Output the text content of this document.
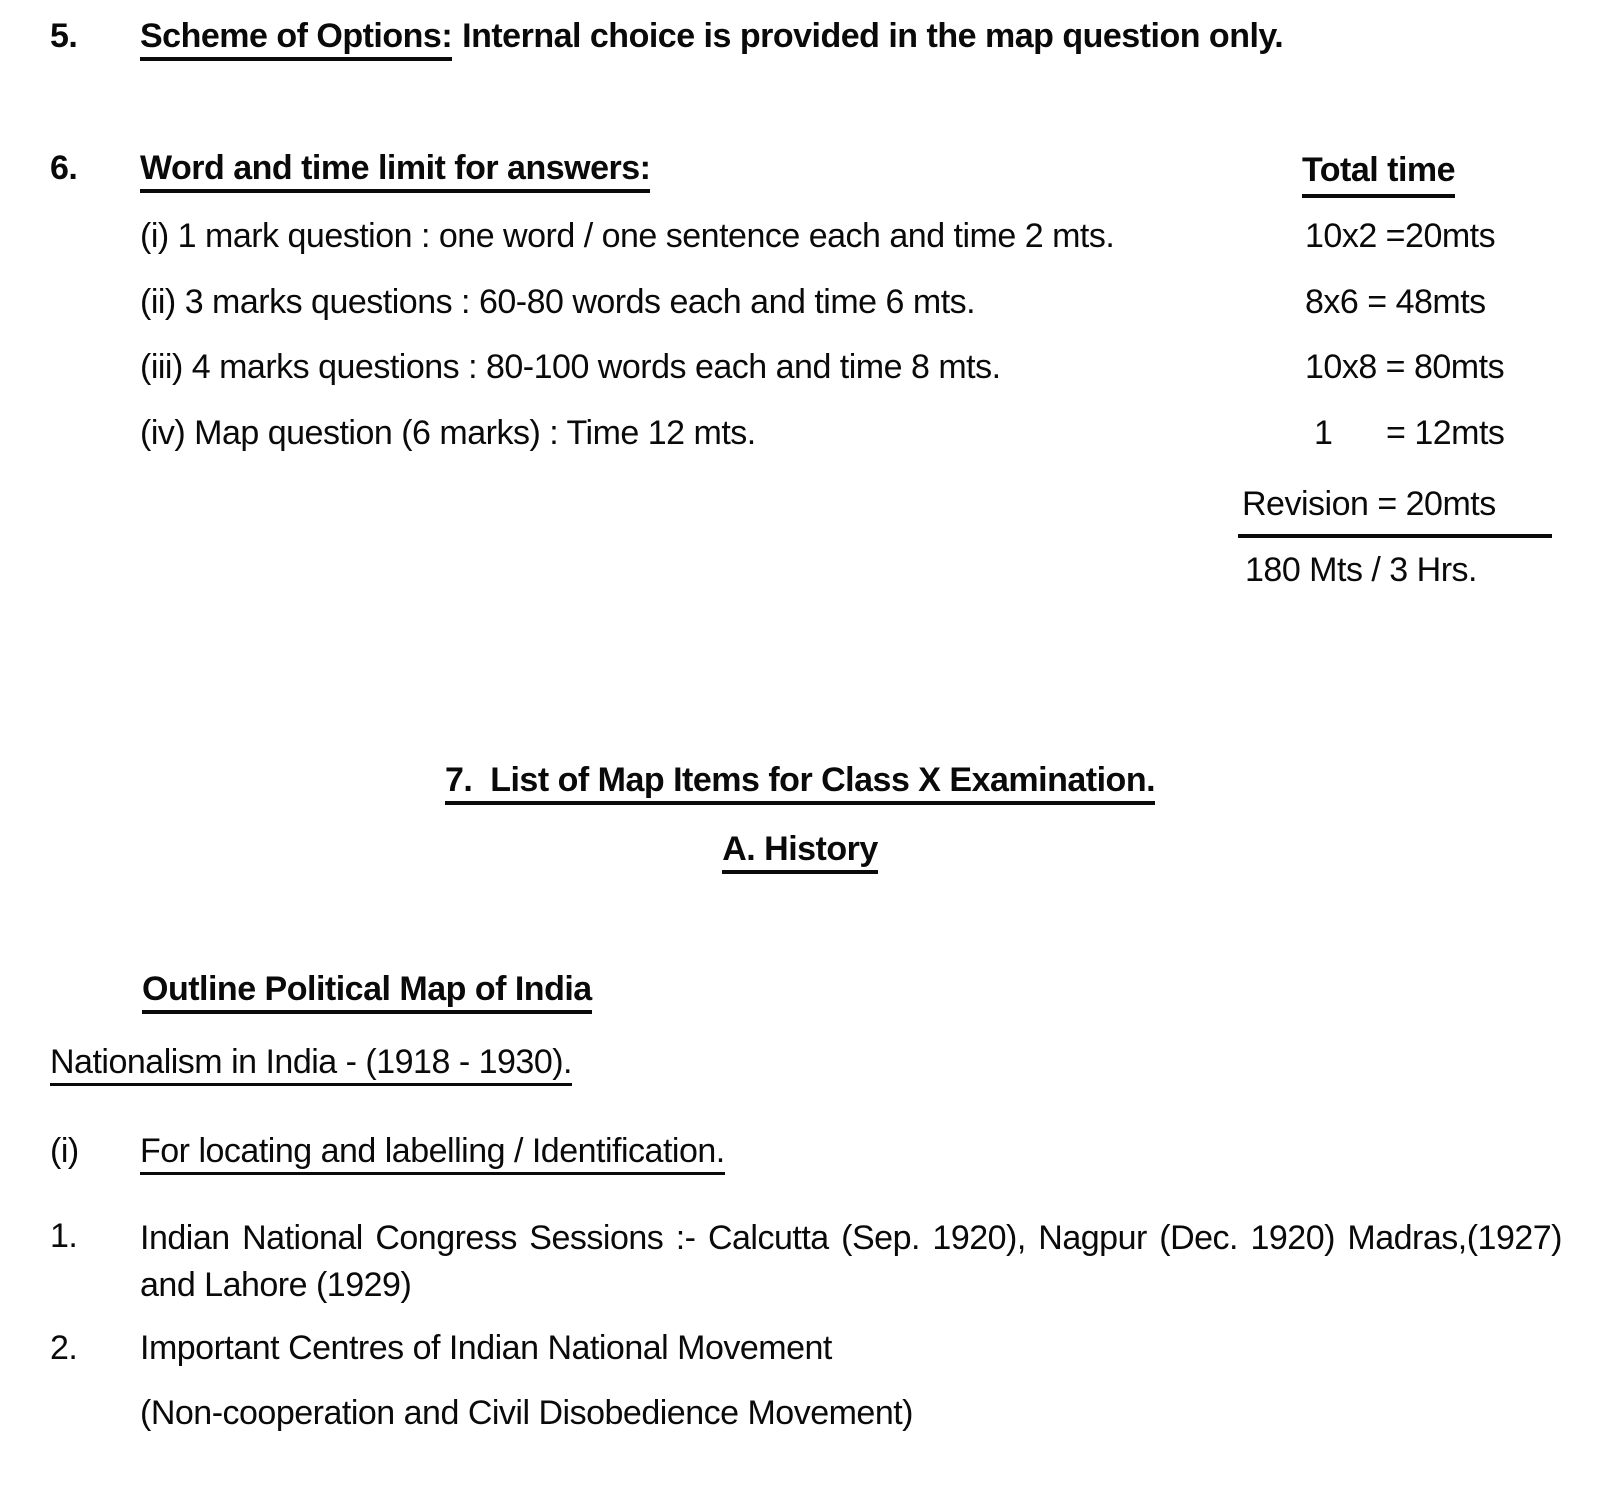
5. Scheme of Options: Internal choice is provided in the map question only.
6. Word and time limit for answers:	Total time
(i) 1 mark question : one word / one sentence each and time 2 mts.	10x2 =20mts
(ii) 3 marks questions : 60-80 words each and time 6 mts.	8x6 = 48mts
(iii) 4 marks questions : 80-100 words each and time 8 mts.	10x8 = 80mts
(iv) Map question (6 marks) : Time 12 mts.	1      = 12mts
Revision = 20mts
180 Mts / 3 Hrs.
7.  List of Map Items for Class X Examination.
A. History
Outline Political Map of India
Nationalism in India - (1918 - 1930).
(i) For locating and labelling / Identification.
1. Indian National Congress Sessions :- Calcutta (Sep. 1920), Nagpur (Dec. 1920) Madras,(1927) and Lahore (1929)
2. Important Centres of Indian National Movement
(Non-cooperation and Civil Disobedience Movement)
